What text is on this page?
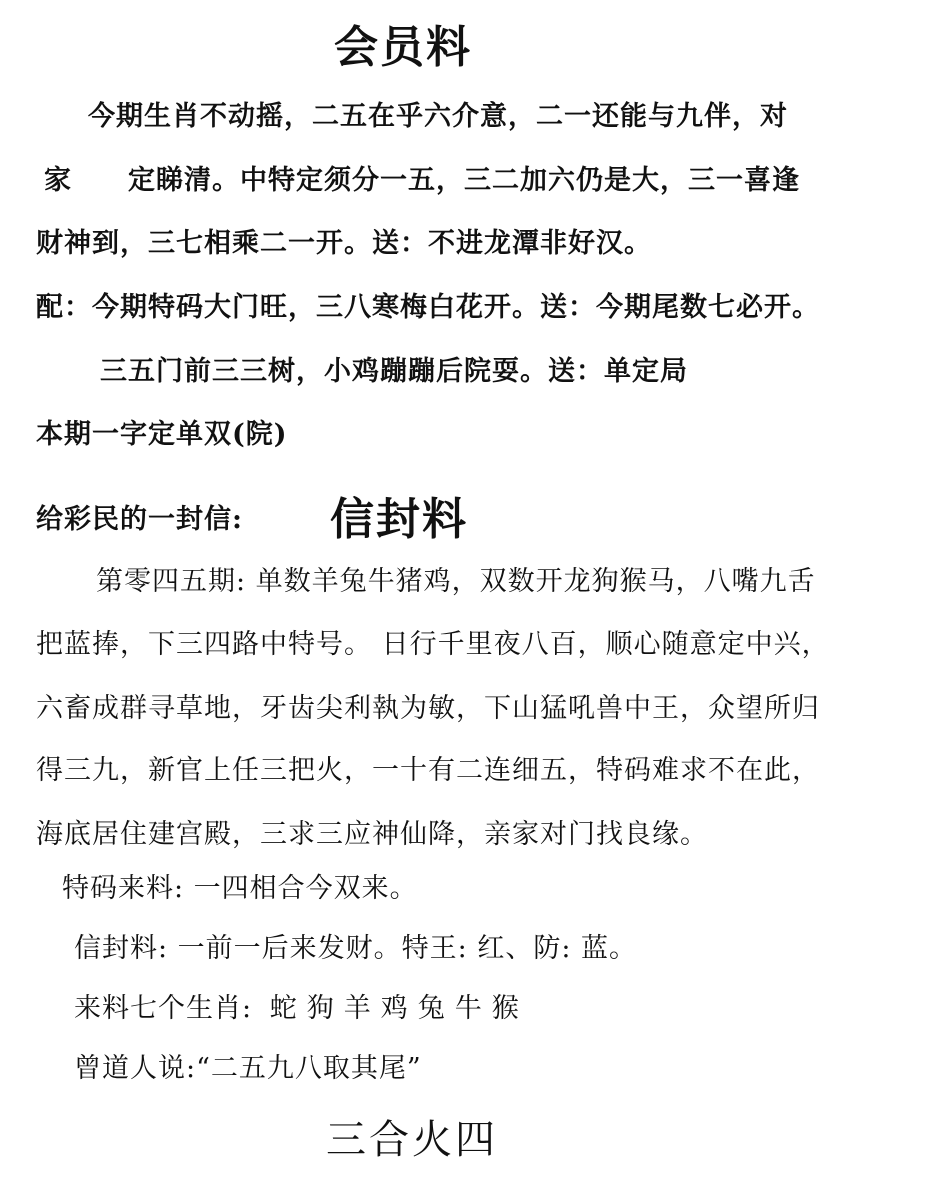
会员料
今期生肖不动摇，二五在乎六介意，二一还能与九伴，对
家　　定睇清。中特定须分一五，三二加六仍是大，三一喜逢
财神到，三七相乘二一开。送：不进龙潭非好汉。
配：今期特码大门旺，三八寒梅白花开。送：今期尾数七必开。
三五门前三三树，小鸡蹦蹦后院耍。送：单定局
本期一字定单双(院)
给彩民的一封信: 信封料
第零四五期: 单数羊兔牛猪鸡，双数开龙狗猴马，八嘴九舌
把蓝捧，下三四路中特号。 日行千里夜八百，顺心随意定中兴，
六畜成群寻草地，牙齿尖利執为敏，下山猛吼兽中王，众望所归
得三九，新官上任三把火，一十有二连细五，特码难求不在此，
海底居住建宫殿，三求三应神仙降，亲家对门找良缘。
特码来料: 一四相合今双来。
信封料: 一前一后来发财。特王: 红、防: 蓝。
来料七个生肖: 蛇狗羊鸡兔牛猴
曾道人说:“二五九八取其尾”
三合火四
